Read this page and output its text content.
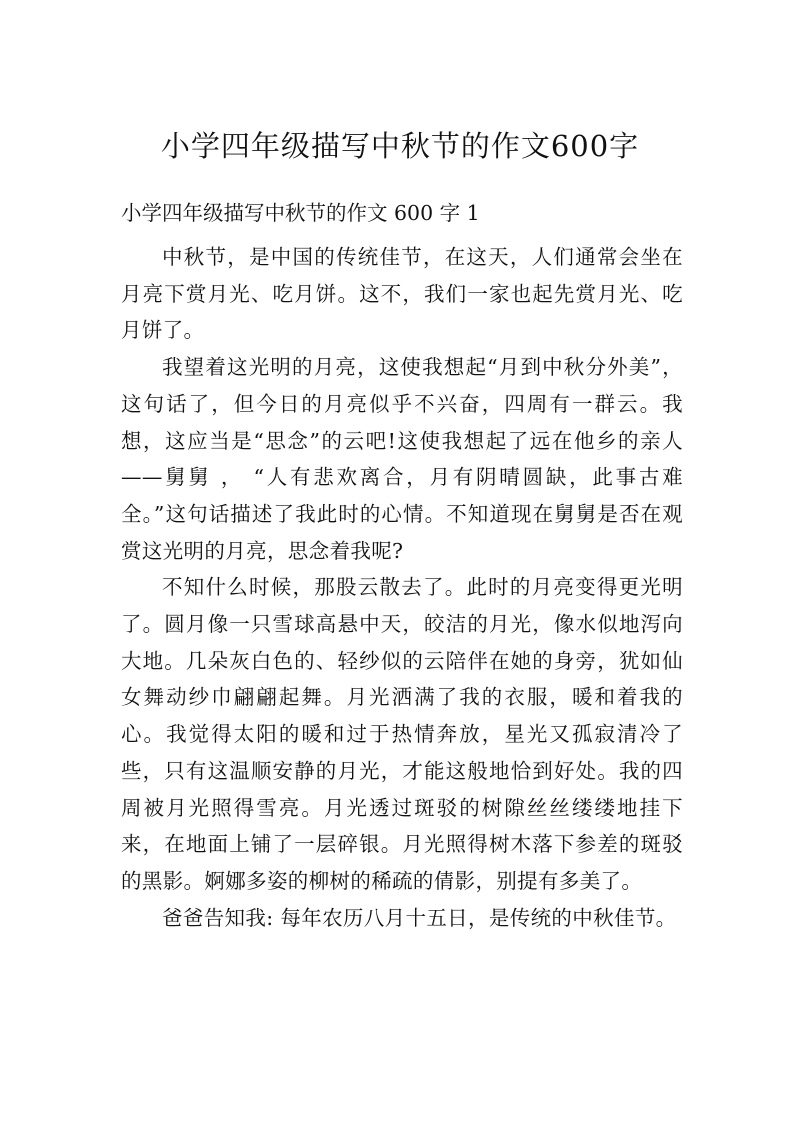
小学四年级描写中秋节的作文600字

小学四年级描写中秋节的作文 600 字 1

中秋节，是中国的传统佳节，在这天，人们通常会坐在月亮下赏月光、吃月饼。这不，我们一家也起先赏月光、吃月饼了。

我望着这光明的月亮，这使我想起“月到中秋分外美”，这句话了，但今日的月亮似乎不兴奋，四周有一群云。我想，这应当是“思念”的云吧!这使我想起了远在他乡的亲人——舅舅 ， “人有悲欢离合，月有阴晴圆缺，此事古难全。”这句话描述了我此时的心情。不知道现在舅舅是否在观赏这光明的月亮，思念着我呢?

不知什么时候，那股云散去了。此时的月亮变得更光明了。圆月像一只雪球高悬中天，皎洁的月光，像水似地泻向大地。几朵灰白色的、轻纱似的云陪伴在她的身旁，犹如仙女舞动纱巾翩翩起舞。月光洒满了我的衣服，暖和着我的心。我觉得太阳的暖和过于热情奔放，星光又孤寂清冷了些，只有这温顺安静的月光，才能这般地恰到好处。我的四周被月光照得雪亮。月光透过斑驳的树隙丝丝缕缕地挂下来，在地面上铺了一层碎银。月光照得树木落下参差的斑驳的黑影。婀娜多姿的柳树的稀疏的倩影，别提有多美了。

爸爸告知我: 每年农历八月十五日，是传统的中秋佳节。
